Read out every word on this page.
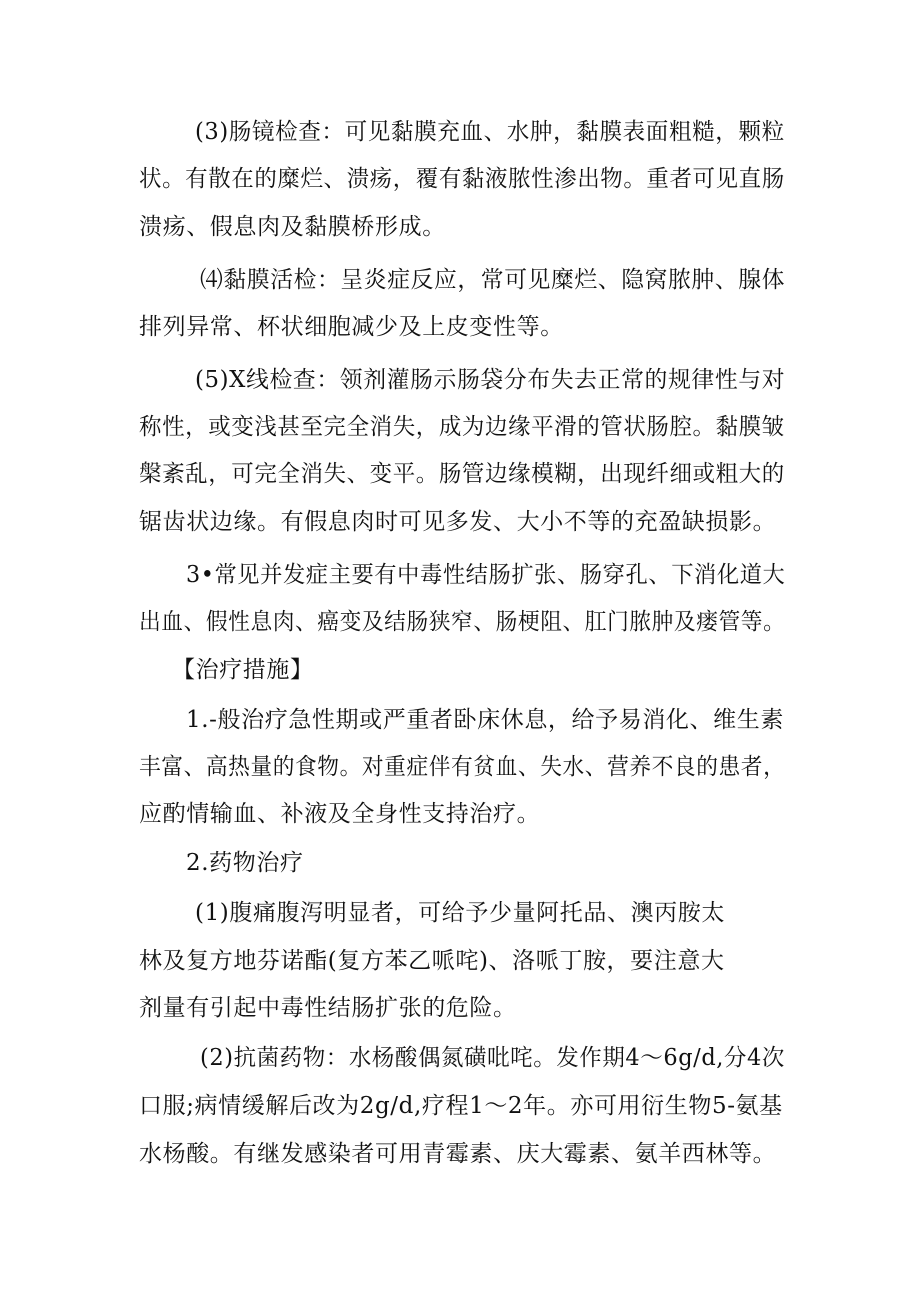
(3)肠镜检查：可见黏膜充血、水肿，黏膜表面粗糙，颗粒
状。有散在的糜烂、溃疡，覆有黏液脓性渗出物。重者可见直肠
溃疡、假息肉及黏膜桥形成。
⑷黏膜活检：呈炎症反应，常可见糜烂、隐窝脓肿、腺体
排列异常、杯状细胞减少及上皮变性等。
(5)X线检查：领剂灌肠示肠袋分布失去正常的规律性与对
称性，或变浅甚至完全消失，成为边缘平滑的管状肠腔。黏膜皱
槃紊乱，可完全消失、变平。肠管边缘模糊，出现纤细或粗大的
锯齿状边缘。有假息肉时可见多发、大小不等的充盈缺损影。
3•常见并发症主要有中毒性结肠扩张、肠穿孔、下消化道大
出血、假性息肉、癌变及结肠狭窄、肠梗阻、肛门脓肿及瘘管等。
【治疗措施】
1.-般治疗急性期或严重者卧床休息，给予易消化、维生素
丰富、高热量的食物。对重症伴有贫血、失水、营养不良的患者，
应酌情输血、补液及全身性支持治疗。
2.药物治疗
(1)腹痛腹泻明显者，可给予少量阿托品、澳丙胺太
林及复方地芬诺酯(复方苯乙哌咤)、洛哌丁胺，要注意大
剂量有引起中毒性结肠扩张的危险。
(2)抗菌药物：水杨酸偶氮磺吡咤。发作期4～6g/d,分4次
口服;病情缓解后改为2g/d,疗程1～2年。亦可用衍生物5-氨基
水杨酸。有继发感染者可用青霉素、庆大霉素、氨羊西林等。
